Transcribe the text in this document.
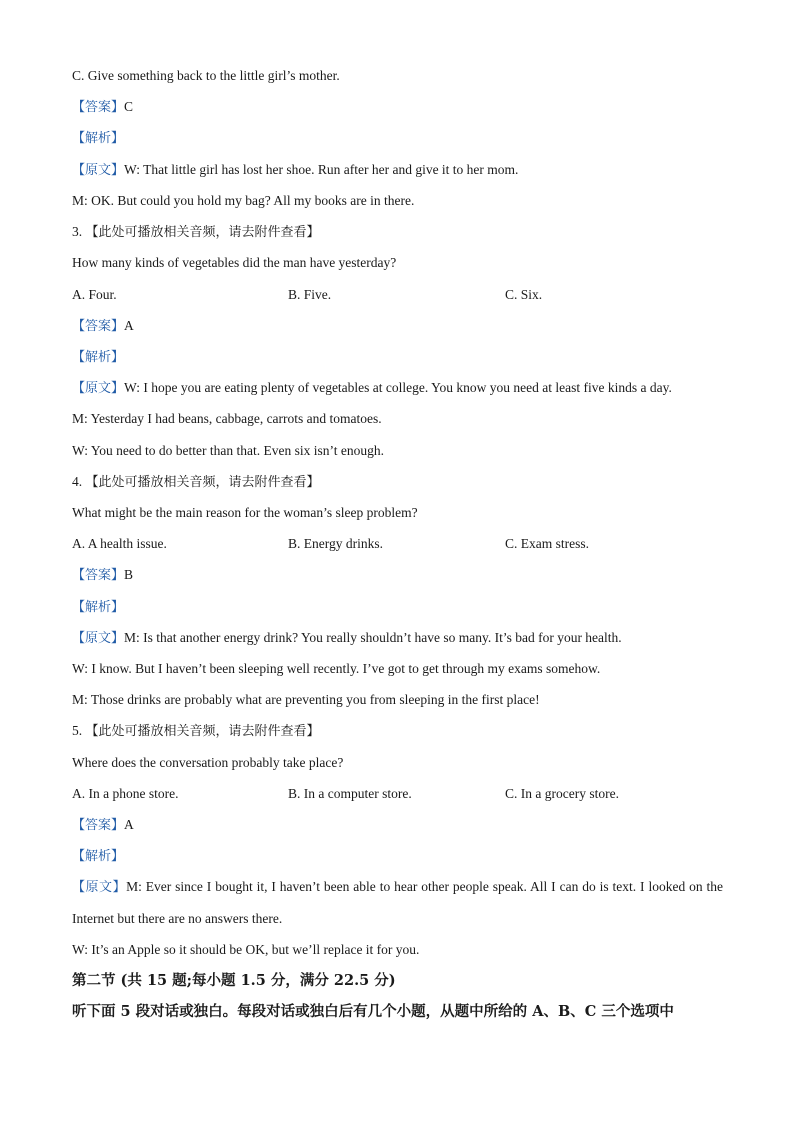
C. Give something back to the little girl’s mother.
【答案】C
【解析】
【原文】W: That little girl has lost her shoe. Run after her and give it to her mom.
M: OK. But could you hold my bag? All my books are in there.
3. 【此处可播放相关音频，请去附件查看】
How many kinds of vegetables did the man have yesterday?
A. Four.	B. Five.	C. Six.
【答案】A
【解析】
【原文】W: I hope you are eating plenty of vegetables at college. You know you need at least five kinds a day.
M: Yesterday I had beans, cabbage, carrots and tomatoes.
W: You need to do better than that. Even six isn’t enough.
4. 【此处可播放相关音频，请去附件查看】
What might be the main reason for the woman’s sleep problem?
A. A health issue.	B. Energy drinks.	C. Exam stress.
【答案】B
【解析】
【原文】M: Is that another energy drink? You really shouldn’t have so many. It’s bad for your health.
W: I know. But I haven’t been sleeping well recently. I’ve got to get through my exams somehow.
M: Those drinks are probably what are preventing you from sleeping in the first place!
5. 【此处可播放相关音频，请去附件查看】
Where does the conversation probably take place?
A. In a phone store.	B. In a computer store.	C. In a grocery store.
【答案】A
【解析】
【原文】M: Ever since I bought it, I haven’t been able to hear other people speak. All I can do is text. I looked on the Internet but there are no answers there.
W: It’s an Apple so it should be OK, but we’ll replace it for you.
第二节 (共 15 题;每小题 1.5 分，满分 22.5 分)
听下面 5 段对话或独白。每段对话或独白后有几个小题，从题中所给的 A、B、C 三个选项中
